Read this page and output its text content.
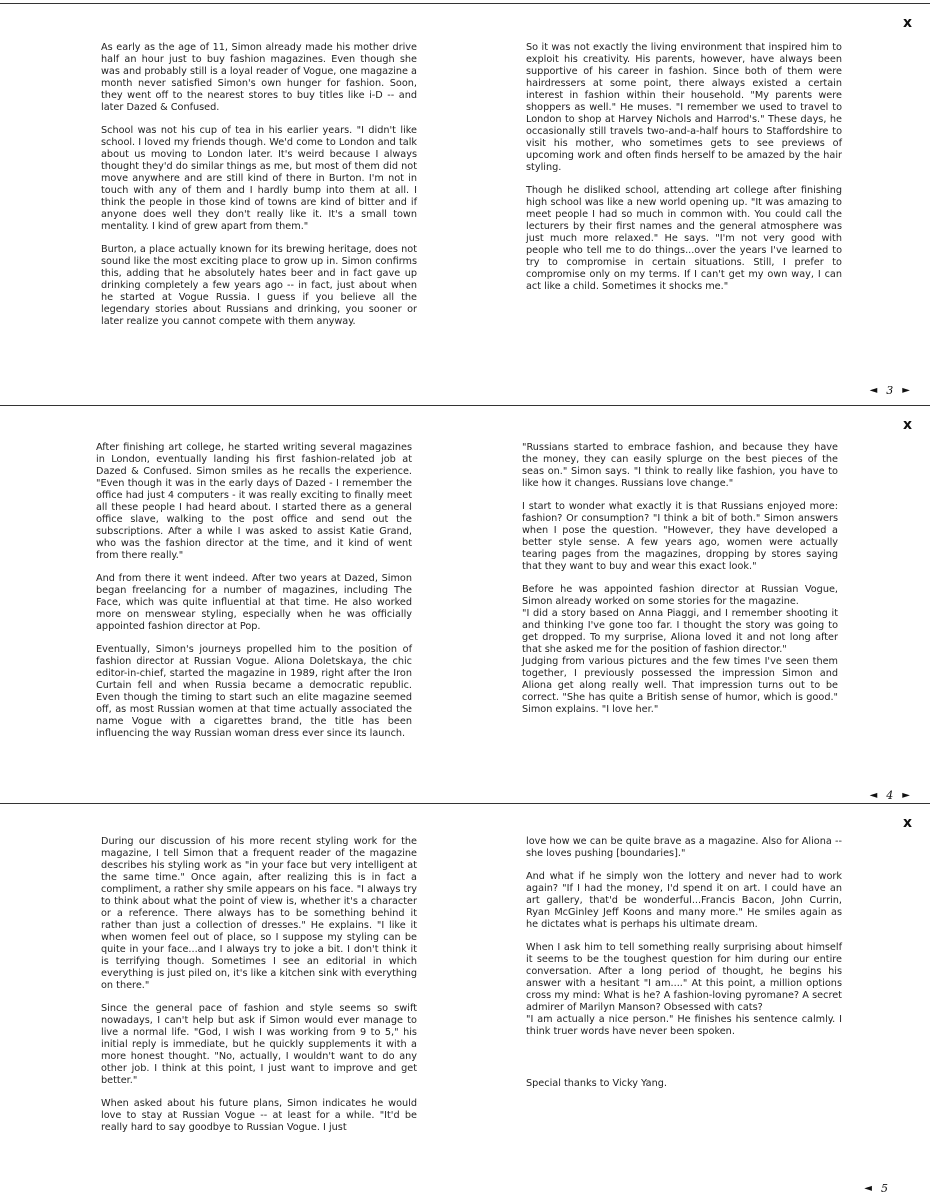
x

As early as the age of 11, Simon already made his mother drive half an hour just to buy fashion magazines. Even though she was and probably still is a loyal reader of Vogue, one magazine a month never satisfied Simon's own hunger for fashion. Soon, they went off to the nearest stores to buy titles like i-D -- and later Dazed & Confused.

School was not his cup of tea in his earlier years. "I didn't like school. I loved my friends though. We'd come to London and talk about us moving to London later. It's weird because I always thought they'd do similar things as me, but most of them did not move anywhere and are still kind of there in Burton. I'm not in touch with any of them and I hardly bump into them at all. I think the people in those kind of towns are kind of bitter and if anyone does well they don't really like it. It's a small town mentality. I kind of grew apart from them."

Burton, a place actually known for its brewing heritage, does not sound like the most exciting place to grow up in. Simon confirms this, adding that he absolutely hates beer and in fact gave up drinking completely a few years ago -- in fact, just about when he started at Vogue Russia. I guess if you believe all the legendary stories about Russians and drinking, you sooner or later realize you cannot compete with them anyway.

So it was not exactly the living environment that inspired him to exploit his creativity. His parents, however, have always been supportive of his career in fashion. Since both of them were hairdressers at some point, there always existed a certain interest in fashion within their household. "My parents were shoppers as well." He muses. "I remember we used to travel to London to shop at Harvey Nichols and Harrod's." These days, he occasionally still travels two-and-a-half hours to Staffordshire to visit his mother, who sometimes gets to see previews of upcoming work and often finds herself to be amazed by the hair styling.

Though he disliked school, attending art college after finishing high school was like a new world opening up. "It was amazing to meet people I had so much in common with. You could call the lecturers by their first names and the general atmosphere was just much more relaxed." He says. "I'm not very good with people who tell me to do things...over the years I've learned to try to compromise in certain situations. Still, I prefer to compromise only on my terms. If I can't get my own way, I can act like a child. Sometimes it shocks me."

◄ 3 ►
x

After finishing art college, he started writing several magazines in London, eventually landing his first fashion-related job at Dazed & Confused. Simon smiles as he recalls the experience. "Even though it was in the early days of Dazed - I remember the office had just 4 computers - it was really exciting to finally meet all these people I had heard about. I started there as a general office slave, walking to the post office and send out the subscriptions. After a while I was asked to assist Katie Grand, who was the fashion director at the time, and it kind of went from there really."

And from there it went indeed. After two years at Dazed, Simon began freelancing for a number of magazines, including The Face, which was quite influential at that time. He also worked more on menswear styling, especially when he was officially appointed fashion director at Pop.

Eventually, Simon's journeys propelled him to the position of fashion director at Russian Vogue. Aliona Doletskaya, the chic editor-in-chief, started the magazine in 1989, right after the Iron Curtain fell and when Russia became a democratic republic. Even though the timing to start such an elite magazine seemed off, as most Russian women at that time actually associated the name Vogue with a cigarettes brand, the title has been influencing the way Russian woman dress ever since its launch.

"Russians started to embrace fashion, and because they have the money, they can easily splurge on the best pieces of the seas on." Simon says. "I think to really like fashion, you have to like how it changes. Russians love change."

I start to wonder what exactly it is that Russians enjoyed more: fashion? Or consumption? "I think a bit of both." Simon answers when I pose the question. "However, they have developed a better style sense. A few years ago, women were actually tearing pages from the magazines, dropping by stores saying that they want to buy and wear this exact look."

Before he was appointed fashion director at Russian Vogue, Simon already worked on some stories for the magazine.
"I did a story based on Anna Piaggi, and I remember shooting it and thinking I've gone too far. I thought the story was going to get dropped. To my surprise, Aliona loved it and not long after that she asked me for the position of fashion director."
Judging from various pictures and the few times I've seen them together, I previously possessed the impression Simon and Aliona get along really well. That impression turns out to be correct. "She has quite a British sense of humor, which is good." Simon explains. "I love her."

◄ 4 ►
x

During our discussion of his more recent styling work for the magazine, I tell Simon that a frequent reader of the magazine describes his styling work as "in your face but very intelligent at the same time." Once again, after realizing this is in fact a compliment, a rather shy smile appears on his face. "I always try to think about what the point of view is, whether it's a character or a reference. There always has to be something behind it rather than just a collection of dresses." He explains. "I like it when women feel out of place, so I suppose my styling can be quite in your face...and I always try to joke a bit. I don't think it is terrifying though. Sometimes I see an editorial in which everything is just piled on, it's like a kitchen sink with everything on there."

Since the general pace of fashion and style seems so swift nowadays, I can't help but ask if Simon would ever manage to live a normal life. "God, I wish I was working from 9 to 5," his initial reply is immediate, but he quickly supplements it with a more honest thought. "No, actually, I wouldn't want to do any other job. I think at this point, I just want to improve and get better."

When asked about his future plans, Simon indicates he would love to stay at Russian Vogue -- at least for a while. "It'd be really hard to say goodbye to Russian Vogue. I just

love how we can be quite brave as a magazine. Also for Aliona -- she loves pushing [boundaries]."

And what if he simply won the lottery and never had to work again? "If I had the money, I'd spend it on art. I could have an art gallery, that'd be wonderful...Francis Bacon, John Currin, Ryan McGinley Jeff Koons and many more." He smiles again as he dictates what is perhaps his ultimate dream.

When I ask him to tell something really surprising about himself it seems to be the toughest question for him during our entire conversation. After a long period of thought, he begins his answer with a hesitant "I am...." At this point, a million options cross my mind: What is he? A fashion-loving pyromane? A secret admirer of Marilyn Manson? Obsessed with cats?
"I am actually a nice person." He finishes his sentence calmly. I think truer words have never been spoken.

Special thanks to Vicky Yang.

◄ 5
